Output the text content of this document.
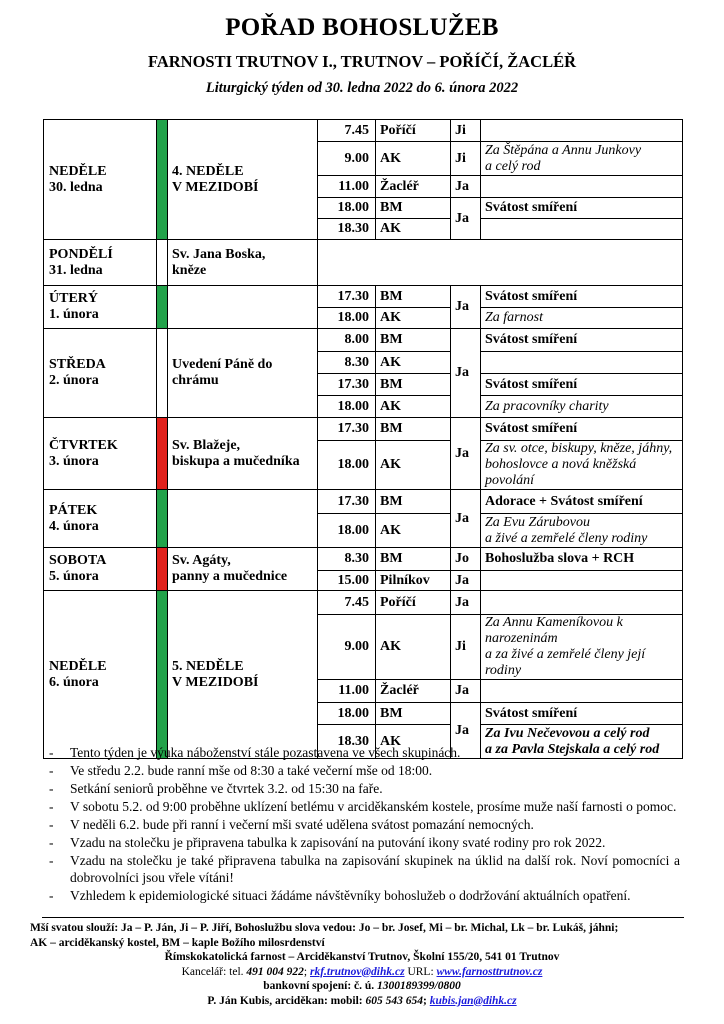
POŘAD BOHOSLUŽEB
FARNOSTI TRUTNOV I., TRUTNOV – POŘÍČÍ, ŽACLÉŘ
Liturgický týden od 30. ledna 2022 do 6. února 2022
NEDĚLE
30. ledna		4. NEDĚLE
V MEZIDOBÍ	7.45	Poříčí	Ji	
			9.00	AK	Ji	Za Štěpána a Annu Junkovy
a celý rod
			11.00	Žacléř	Ja	
			18.00	BM	Ja	Svátost smíření
			18.30	AK		
PONDĚLÍ
31. ledna		Sv. Jana Boska,
kněze				
ÚTERÝ
1. února			17.30	BM	Ja	Svátost smíření
			18.00	AK		Za farnost
STŘEDA
2. února		Uvedení Páně do
chrámu	8.00	BM	Ja	Svátost smíření
			8.30	AK		
			17.30	BM		Svátost smíření
			18.00	AK		Za pracovníky charity
ČTVRTEK
3. února		Sv. Blažeje,
biskupa a mučedníka	17.30	BM	Ja	Svátost smíření
			18.00	AK		Za sv. otce, biskupy, kněze, jáhny,
bohoslovce a nová kněžská povolání
PÁTEK
4. února			17.30	BM	Ja	Adorace + Svátost smíření
			18.00	AK		Za Evu Zárubovou
a živé a zemřelé členy rodiny
SOBOTA
5. února		Sv. Agáty,
panny a mučednice	8.30	BM	Jo	Bohoslužba slova + RCH
			15.00	Pilníkov	Ja	
NEDĚLE
6. února		5. NEDĚLE
V MEZIDOBÍ	7.45	Poříčí	Ja	
			9.00	AK	Ji	Za Annu Kameníkovou k narozeninám
a za živé a zemřelé členy její rodiny
			11.00	Žacléř	Ja	
			18.00	BM	Ja	Svátost smíření
			18.30	AK		Za Ivu Nečevovou a celý rod
a za Pavla Stejskala a celý rod
- Tento týden je výuka náboženství stále pozastavena ve všech skupinách.
- Ve středu 2.2. bude ranní mše od 8:30 a také večerní mše od 18:00.
- Setkání seniorů proběhne ve čtvrtek 3.2. od 15:30 na faře.
- V sobotu 5.2. od 9:00 proběhne uklízení betlému v arciděkanském kostele, prosíme muže naší farnosti o pomoc.
- V neděli 6.2. bude při ranní i večerní mši svaté udělena svátost pomazání nemocných.
- Vzadu na stolečku je připravena tabulka k zapisování na putování ikony svaté rodiny pro rok 2022.
- Vzadu na stolečku je také připravena tabulka na zapisování skupinek na úklid na další rok. Noví pomocníci a dobrovolníci jsou vřele vítáni!
- Vzhledem k epidemiologické situaci žádáme návštěvníky bohoslužeb o dodržování aktuálních opatření.
Mší svatou slouží: Ja – P. Ján, Ji – P. Jiří, Bohoslužbu slova vedou: Jo – br. Josef, Mi – br. Michal, Lk – br. Lukáš, jáhni;
AK – arciděkanský kostel, BM – kaple Božího milosrdenství
Římskokatolická farnost – Arciděkanství Trutnov, Školní 155/20, 541 01 Trutnov
Kancelář: tel. 491 004 922; rkf.trutnov@dihk.cz URL: www.farnosttrutnov.cz
bankovní spojení: č. ú. 1300189399/0800
P. Ján Kubis, arciděkan: mobil: 605 543 654; kubis.jan@dihk.cz
